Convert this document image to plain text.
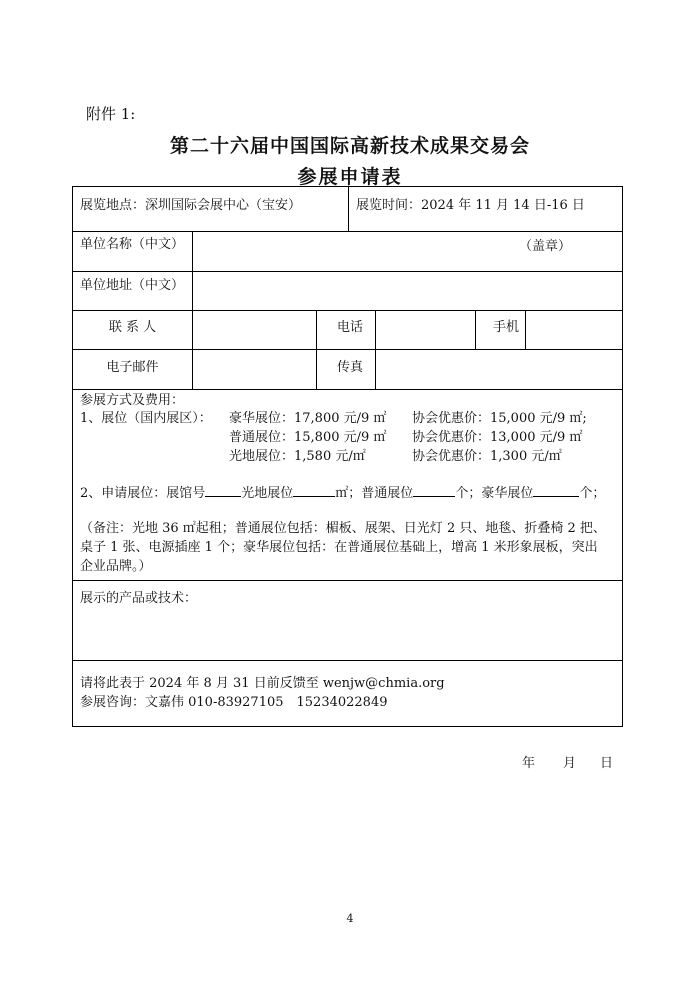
附件 1:
第二十六届中国国际高新技术成果交易会
参展申请表
展览地点：深圳国际会展中心（宝安）	展览时间：2024 年 11 月 14 日-16 日
单位名称（中文）	（盖章）
单位地址（中文）
联 系 人	电话	手机
电子邮件	传真
参展方式及费用：
1、展位（国内展区）： 豪华展位：17,800 元/9 ㎡ 协会优惠价：15,000 元/9 ㎡;
普通展位：15,800 元/9 ㎡ 协会优惠价：13,000 元/9 ㎡
光地展位：1,580 元/㎡	协会优惠价：1,300 元/㎡
2、申请展位：展馆号	光地展位	㎡；普通展位	个；豪华展位	个；
（备注：光地 36 ㎡起租；普通展位包括：楣板、展架、日光灯 2 只、地毯、折叠椅 2 把、
桌子 1 张、电源插座 1 个；豪华展位包括：在普通展位基础上，增高 1 米形象展板，突出
企业品牌。）
展示的产品或技术：
请将此表于 2024 年 8 月 31 日前反馈至 wenjw@chmia.org
参展咨询：文嘉伟 010-83927105　15234022849
年 月 日
4
